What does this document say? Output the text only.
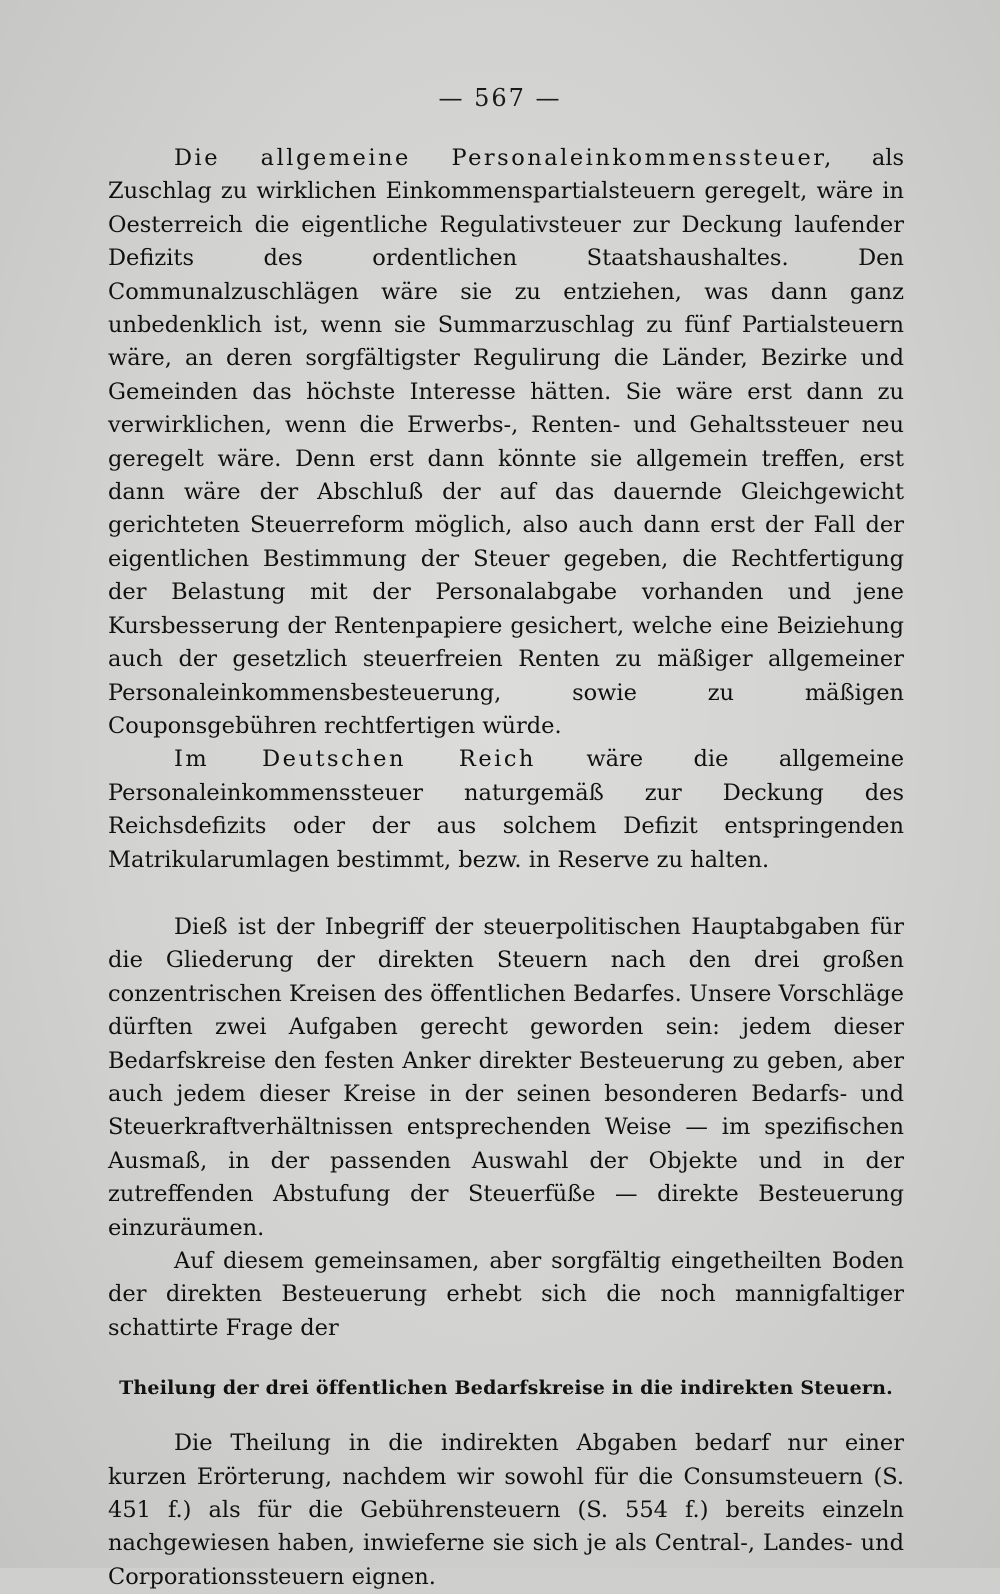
— 567 —

Die allgemeine Personaleinkommenssteuer, als Zuschlag zu wirklichen Einkommenspartialsteuern geregelt, wäre in Oesterreich die eigentliche Regulativsteuer zur Deckung laufender Defizits des ordentlichen Staatshaushaltes. Den Communalzuschlägen wäre sie zu entziehen, was dann ganz unbedenklich ist, wenn sie Summarzuschlag zu fünf Partialsteuern wäre, an deren sorgfältigster Regulirung die Länder, Bezirke und Gemeinden das höchste Interesse hätten. Sie wäre erst dann zu verwirklichen, wenn die Erwerbs-, Renten- und Gehaltssteuer neu geregelt wäre. Denn erst dann könnte sie allgemein treffen, erst dann wäre der Abschluß der auf das dauernde Gleichgewicht gerichteten Steuerreform möglich, also auch dann erst der Fall der eigentlichen Bestimmung der Steuer gegeben, die Rechtfertigung der Belastung mit der Personalabgabe vorhanden und jene Kursbesserung der Rentenpapiere gesichert, welche eine Beiziehung auch der gesetzlich steuerfreien Renten zu mäßiger allgemeiner Personaleinkommensbesteuerung, sowie zu mäßigen Couponsgebühren rechtfertigen würde.

Im Deutschen Reich wäre die allgemeine Personaleinkommenssteuer naturgemäß zur Deckung des Reichsdefizits oder der aus solchem Defizit entspringenden Matrikularumlagen bestimmt, bezw. in Reserve zu halten.

Dieß ist der Inbegriff der steuerpolitischen Hauptabgaben für die Gliederung der direkten Steuern nach den drei großen conzentrischen Kreisen des öffentlichen Bedarfes. Unsere Vorschläge dürften zwei Aufgaben gerecht geworden sein: jedem dieser Bedarfskreise den festen Anker direkter Besteuerung zu geben, aber auch jedem dieser Kreise in der seinen besonderen Bedarfs- und Steuerkraftverhältnissen entsprechenden Weise — im spezifischen Ausmaß, in der passenden Auswahl der Objekte und in der zutreffenden Abstufung der Steuerfüße — direkte Besteuerung einzuräumen.

Auf diesem gemeinsamen, aber sorgfältig eingetheilten Boden der direkten Besteuerung erhebt sich die noch mannigfaltiger schattirte Frage der

Theilung der drei öffentlichen Bedarfskreise in die indirekten Steuern.

Die Theilung in die indirekten Abgaben bedarf nur einer kurzen Erörterung, nachdem wir sowohl für die Consumsteuern (S. 451 f.) als für die Gebührensteuern (S. 554 f.) bereits einzeln nachgewiesen haben, inwieferne sie sich je als Central-, Landes- und Corporationssteuern eignen.
